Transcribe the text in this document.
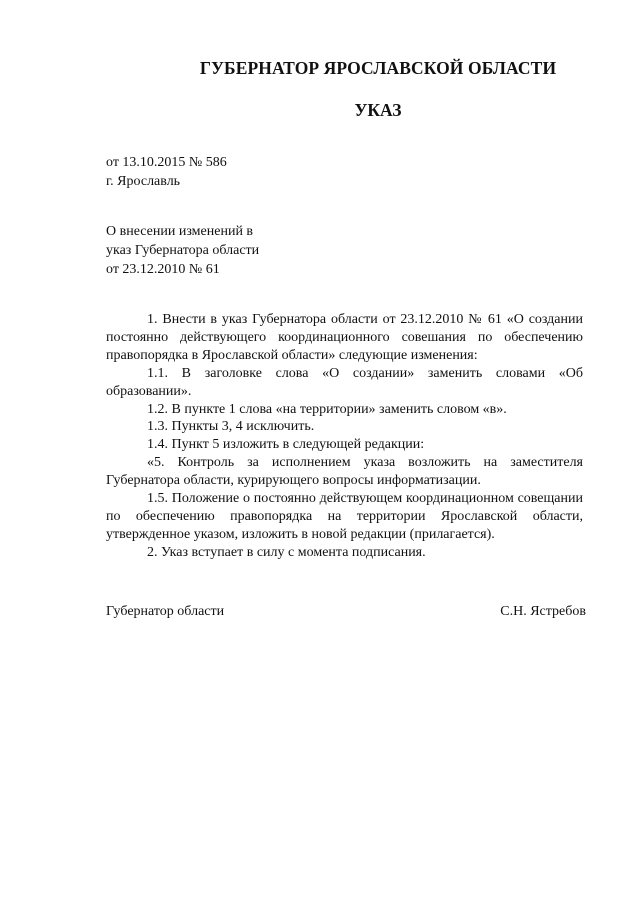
ГУБЕРНАТОР ЯРОСЛАВСКОЙ ОБЛАСТИ
УКАЗ
от 13.10.2015 № 586
г. Ярославль
О внесении изменений в
указ Губернатора области
от 23.12.2010 № 61

1. Внести в указ Губернатора области от 23.12.2010 № 61 «О создании постоянно действующего координационного совешания по обеспечению правопорядка в Ярославской области» следующие изменения:

1.1. В заголовке слова «О создании» заменить словами «Об образовании».

1.2. В пункте 1 слова «на территории» заменить словом «в».

1.3. Пункты 3, 4 исключить.

1.4. Пункт 5 изложить в следующей редакции:

«5. Контроль за исполнением указа возложить на заместителя Губернатора области, курирующего вопросы информатизации.

1.5. Положение о постоянно действующем координационном совещании по обеспечению правопорядка на территории Ярославской области, утвержденное указом, изложить в новой редакции (прилагается).

2. Указ вступает в силу с момента подписания.

Губернатор области	С.Н. Ястребов
